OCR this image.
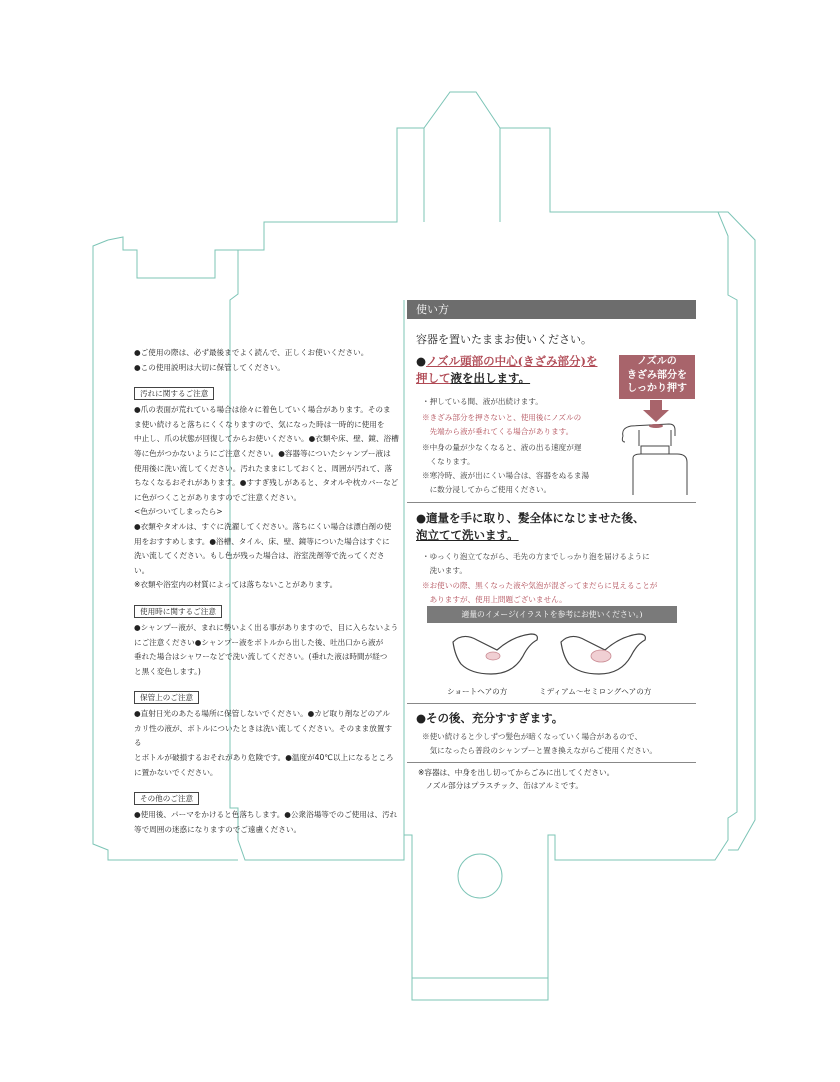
●ご使用の際は、必ず最後までよく読んで、正しくお使いください。

●この使用説明は大切に保管してください。

汚れに関するご注意

●爪の表面が荒れている場合は徐々に着色していく場合があります。そのま

ま使い続けると落ちにくくなりますので、気になった時は一時的に使用を

中止し、爪の状態が回復してからお使いください。●衣類や床、壁、鏡、浴槽

等に色がつかないようにご注意ください。●容器等についたシャンプー液は

使用後に洗い流してください。汚れたままにしておくと、周囲が汚れて、落

ちなくなるおそれがあります。●すすぎ残しがあると、タオルや枕カバーなど

に色がつくことがありますのでご注意ください。

<色がついてしまったら>

●衣類やタオルは、すぐに洗濯してください。落ちにくい場合は漂白剤の使

用をおすすめします。●浴槽、タイル、床、壁、鏡等についた場合はすぐに

洗い流してください。もし色が残った場合は、浴室洗剤等で洗ってください。

※衣類や浴室内の材質によっては落ちないことがあります。

使用時に関するご注意

●シャンプー液が、まれに勢いよく出る事がありますので、目に入らないよう

にご注意ください●シャンプー液をボトルから出した後、吐出口から液が

垂れた場合はシャワーなどで洗い流してください。(垂れた液は時間が経つ

と黒く変色します。)

保管上のご注意

●直射日光のあたる場所に保管しないでください。●カビ取り剤などのアル

カリ性の液が、ボトルについたときは洗い流してください。そのまま放置する

とボトルが破損するおそれがあり危険です。●温度が40℃以上になるところ

に置かないでください。

その他のご注意

●使用後、パーマをかけると色落ちします。●公衆浴場等でのご使用は、汚れ

等で周囲の迷惑になりますのでご遠慮ください。

使い方
容器を置いたままお使いください。
●ノズル頭部の中心(きざみ部分)を
押して液を出します。
ノズルの
きざみ部分を
しっかり押す
・押している間、液が出続けます。
※きざみ部分を押さないと、使用後にノズルの
　先端から液が垂れてくる場合があります。
※中身の量が少なくなると、液の出る速度が遅
　くなります。
※寒冷時、液が出にくい場合は、容器をぬるま湯
　に数分浸してからご使用ください。
●適量を手に取り、髪全体になじませた後、
泡立てて洗います。
・ゆっくり泡立てながら、毛先の方までしっかり泡を届けるように
　洗います。
※お使いの際、黒くなった液や気泡が混ざってまだらに見えることが
　ありますが、使用上問題ございません。
適量のイメージ(イラストを参考にお使いください。)
ショートヘアの方	ミディアム～セミロングヘアの方
●その後、充分すすぎます。
※使い続けると少しずつ髪色が暗くなっていく場合があるので、
　気になったら普段のシャンプーと置き換えながらご使用ください。
※容器は、中身を出し切ってからごみに出してください。
　ノズル部分はプラスチック、缶はアルミです。
